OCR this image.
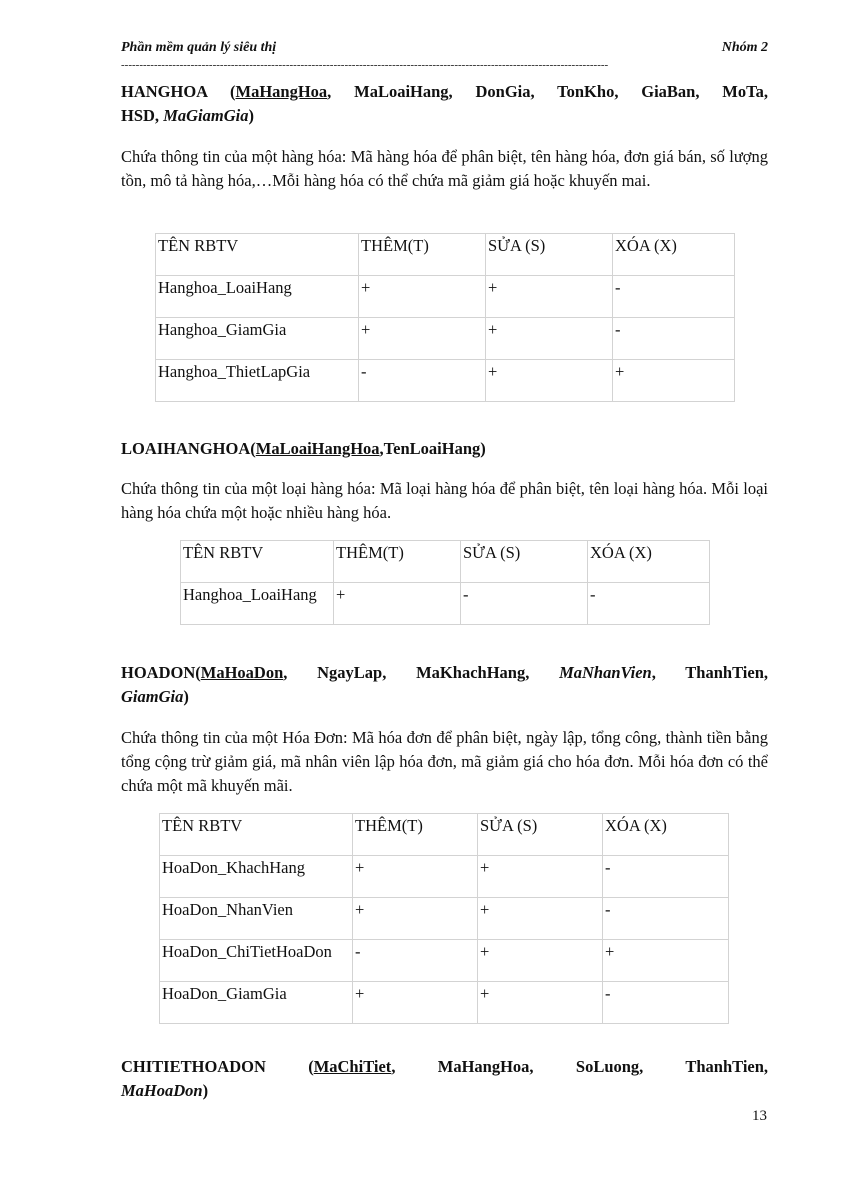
Phần mềm quản lý siêu thị	Nhóm 2
-------------------------------------------------------------------------------------------------------------------------------------
HANGHOA (MaHangHoa, MaLoaiHang, DonGia, TonKho, GiaBan, MoTa,
HSD, MaGiamGia)
Chứa thông tin của một hàng hóa: Mã hàng hóa để phân biệt, tên hàng hóa, đơn giá bán, số lượng tồn, mô tả hàng hóa,…Mỗi hàng hóa có thể chứa mã giảm giá hoặc khuyến mai.
TÊN RBTV	THÊM(T)	SỬA (S)	XÓA (X)
Hanghoa_LoaiHang	+	+	-
Hanghoa_GiamGia	+	+	-
Hanghoa_ThietLapGia	-	+	+
LOAIHANGHOA(MaLoaiHangHoa,TenLoaiHang)
Chứa thông tin của một loại hàng hóa: Mã loại hàng hóa để phân biệt, tên loại hàng hóa. Mỗi loại hàng hóa chứa một hoặc nhiều hàng hóa.
TÊN RBTV	THÊM(T)	SỬA (S)	XÓA (X)
Hanghoa_LoaiHang	+	-	-
HOADON(MaHoaDon, NgayLap, MaKhachHang, MaNhanVien, ThanhTien,
GiamGia)
Chứa thông tin của một Hóa Đơn: Mã hóa đơn để phân biệt, ngày lập, tổng công, thành tiền bằng tổng cộng trừ giảm giá, mã nhân viên lập hóa đơn, mã giảm giá cho hóa đơn. Mỗi hóa đơn có thể chứa một mã khuyến mãi.
TÊN RBTV	THÊM(T)	SỬA (S)	XÓA (X)
HoaDon_KhachHang	+	+	-
HoaDon_NhanVien	+	+	-
HoaDon_ChiTietHoaDon	-	+	+
HoaDon_GiamGia	+	+	-
CHITIETHOADON	(MaChiTiet,	MaHangHoa,	SoLuong,	ThanhTien,
MaHoaDon)
13
